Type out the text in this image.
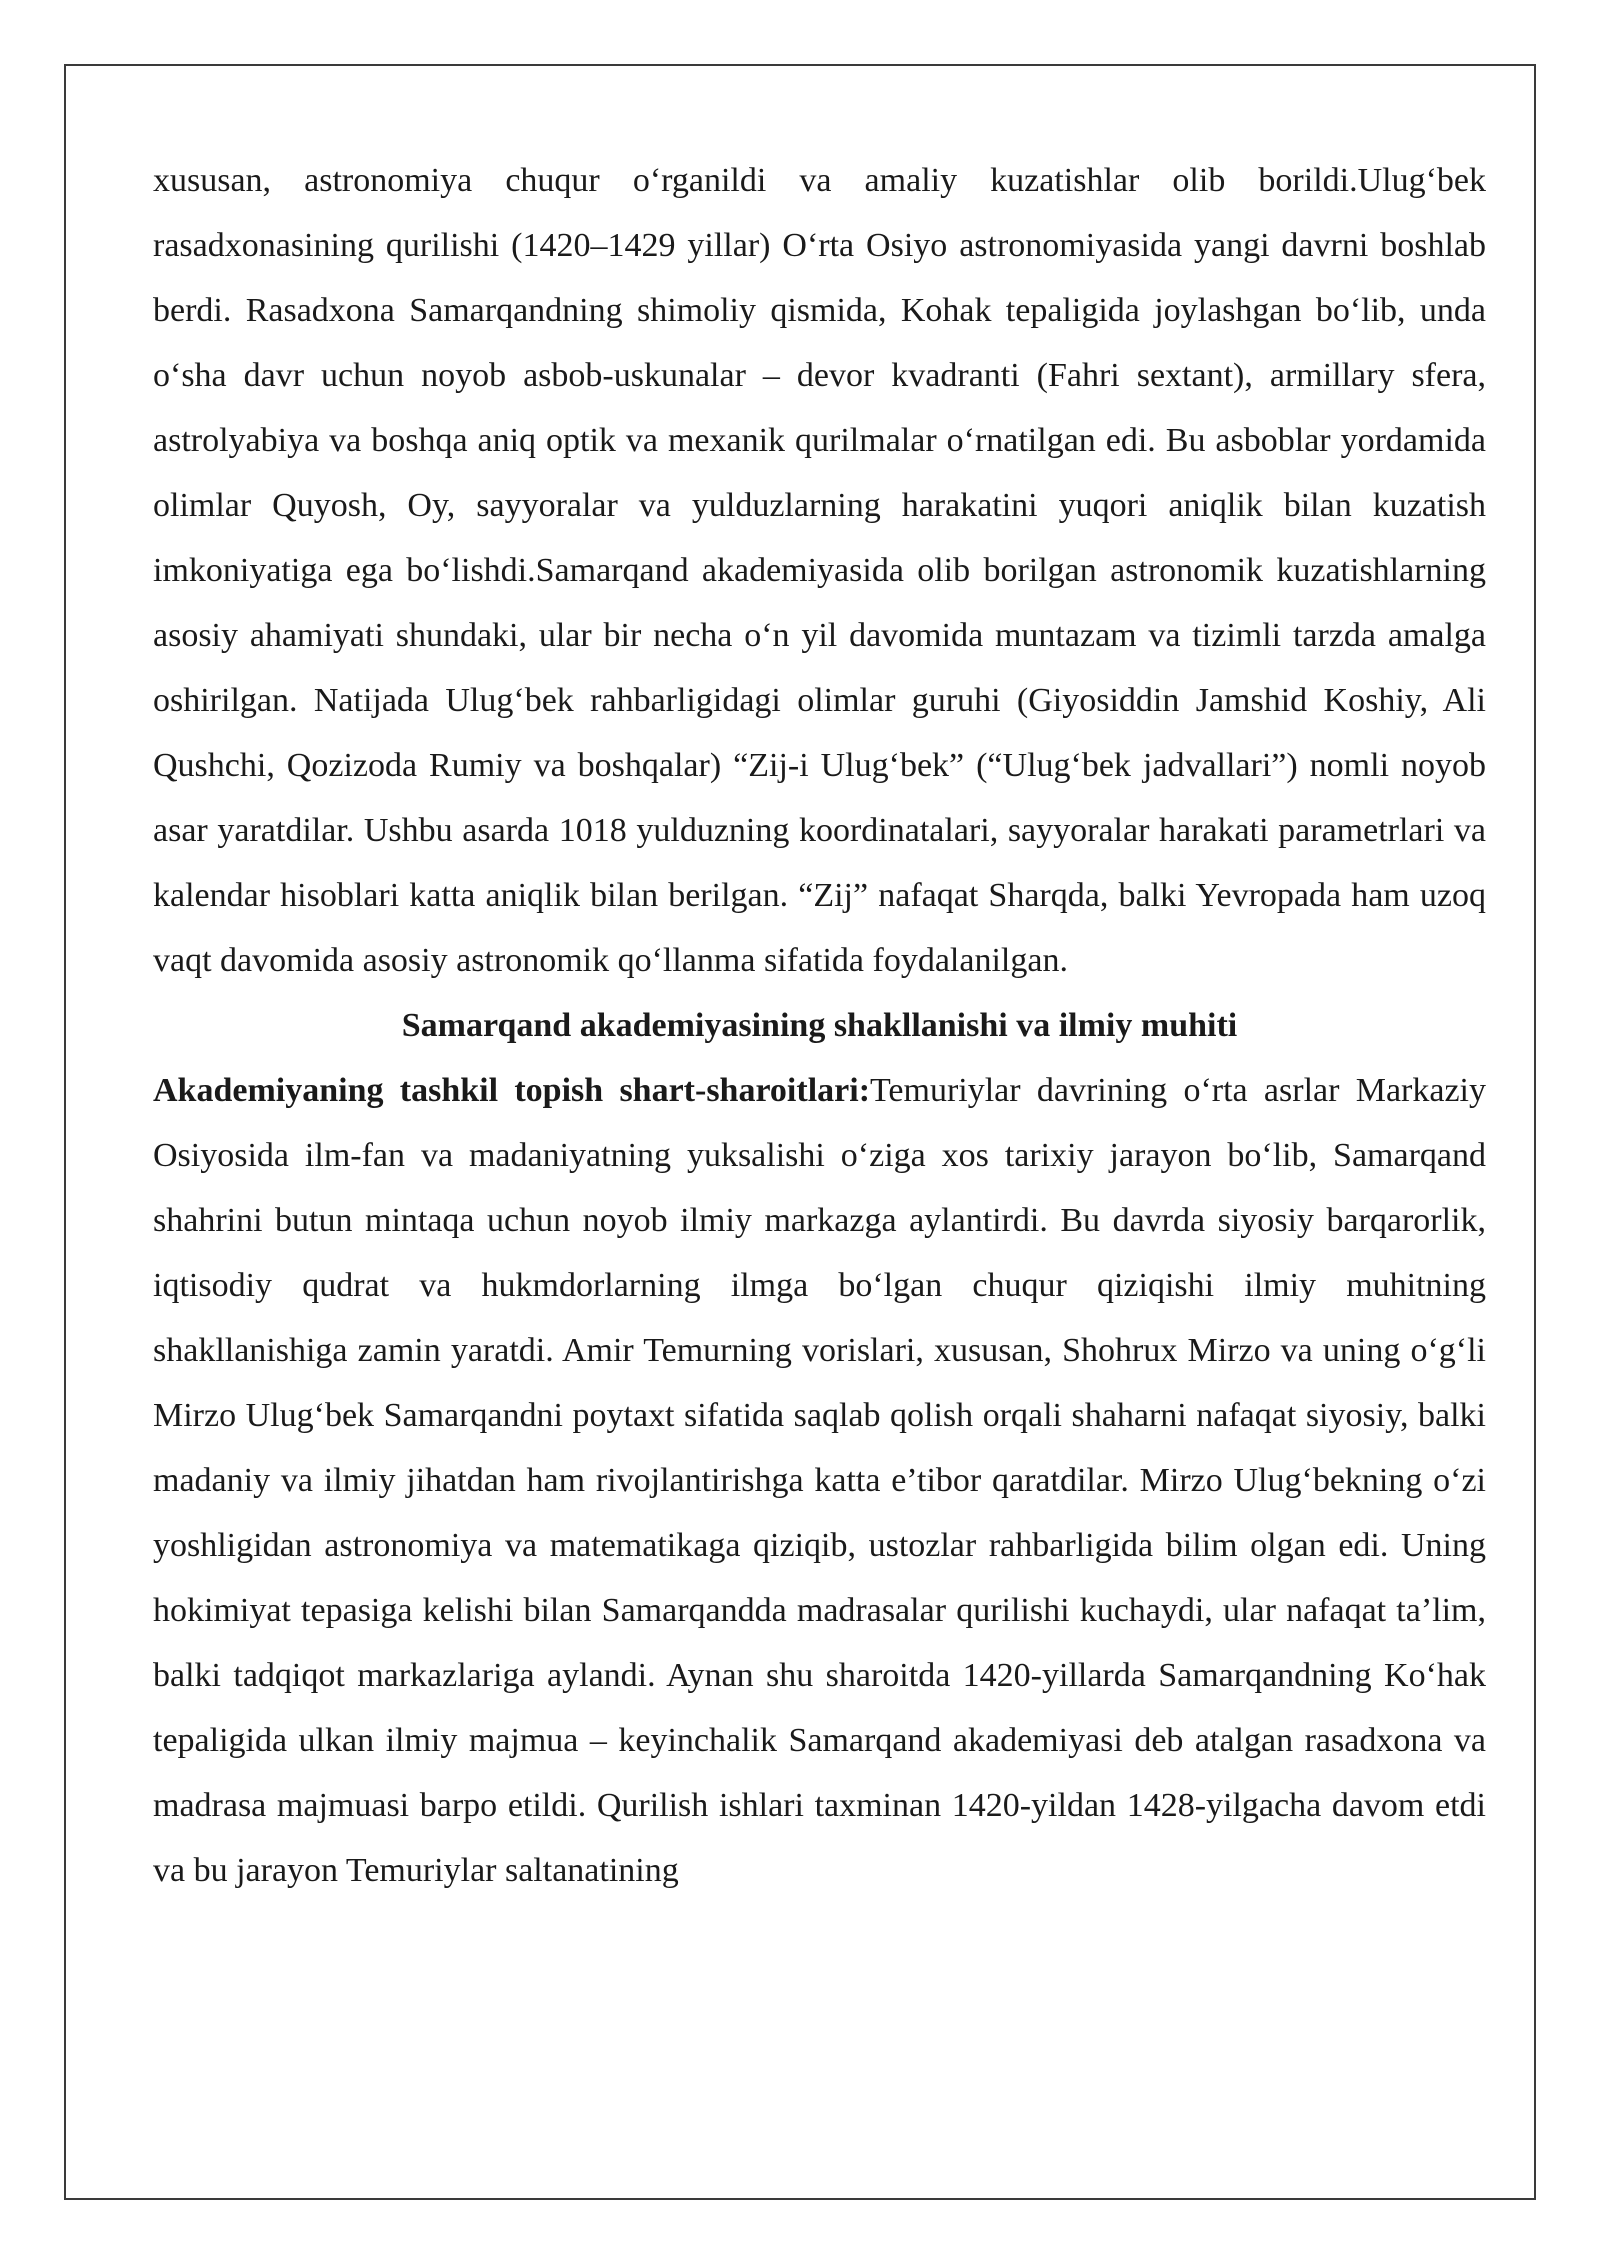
xususan, astronomiya chuqur o‘rganildi va amaliy kuzatishlar olib borildi.Ulug‘bek rasadxonasining qurilishi (1420–1429 yillar) O‘rta Osiyo astronomiyasida yangi davrni boshlab berdi. Rasadxona Samarqandning shimoliy qismida, Kohak tepaligida joylashgan bo‘lib, unda o‘sha davr uchun noyob asbob-uskunalar – devor kvadranti (Fahri sextant), armillary sfera, astrolyabiya va boshqa aniq optik va mexanik qurilmalar o‘rnatilgan edi. Bu asboblar yordamida olimlar Quyosh, Oy, sayyoralar va yulduzlarning harakatini yuqori aniqlik bilan kuzatish imkoniyatiga ega bo‘lishdi.Samarqand akademiyasida olib borilgan astronomik kuzatishlarning asosiy ahamiyati shundaki, ular bir necha o‘n yil davomida muntazam va tizimli tarzda amalga oshirilgan. Natijada Ulug‘bek rahbarligidagi olimlar guruhi (Giyosiddin Jamshid Koshiy, Ali Qushchi, Qozizoda Rumiy va boshqalar) “Zij-i Ulug‘bek” (“Ulug‘bek jadvallari”) nomli noyob asar yaratdilar. Ushbu asarda 1018 yulduzning koordinatalari, sayyoralar harakati parametrlari va kalendar hisoblari katta aniqlik bilan berilgan. “Zij” nafaqat Sharqda, balki Yevropada ham uzoq vaqt davomida asosiy astronomik qo‘llanma sifatida foydalanilgan.

Samarqand akademiyasining shakllanishi va ilmiy muhiti

Akademiyaning tashkil topish shart-sharoitlari:Temuriylar davrining o‘rta asrlar Markaziy Osiyosida ilm-fan va madaniyatning yuksalishi o‘ziga xos tarixiy jarayon bo‘lib, Samarqand shahrini butun mintaqa uchun noyob ilmiy markazga aylantirdi. Bu davrda siyosiy barqarorlik, iqtisodiy qudrat va hukmdorlarning ilmga bo‘lgan chuqur qiziqishi ilmiy muhitning shakllanishiga zamin yaratdi. Amir Temurning vorislari, xususan, Shohrux Mirzo va uning o‘g‘li Mirzo Ulug‘bek Samarqandni poytaxt sifatida saqlab qolish orqali shaharni nafaqat siyosiy, balki madaniy va ilmiy jihatdan ham rivojlantirishga katta e’tibor qaratdilar. Mirzo Ulug‘bekning o‘zi yoshligidan astronomiya va matematikaga qiziqib, ustozlar rahbarligida bilim olgan edi. Uning hokimiyat tepasiga kelishi bilan Samarqandda madrasalar qurilishi kuchaydi, ular nafaqat ta’lim, balki tadqiqot markazlariga aylandi. Aynan shu sharoitda 1420-yillarda Samarqandning Ko‘hak tepaligida ulkan ilmiy majmua – keyinchalik Samarqand akademiyasi deb atalgan rasadxona va madrasa majmuasi barpo etildi. Qurilish ishlari taxminan 1420-yildan 1428-yilgacha davom etdi va bu jarayon Temuriylar saltanatining
